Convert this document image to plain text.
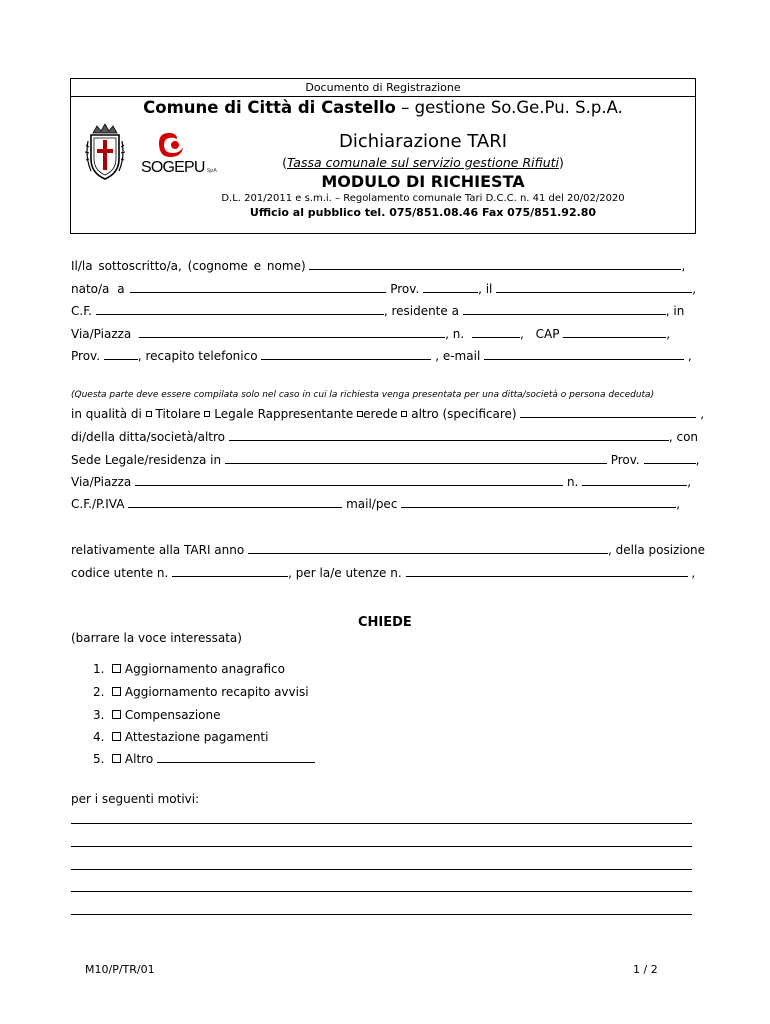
Documento di Registrazione
Comune di Città di Castello – gestione So.Ge.Pu. S.p.A.
SOGEPU SpA
Dichiarazione TARI
(Tassa comunale sul servizio gestione Rifiuti)
MODULO DI RICHIESTA
D.L. 201/2011 e s.m.i. – Regolamento comunale Tari D.C.C. n. 41 del 20/02/2020
Ufficio al pubblico tel. 075/851.08.46 Fax 075/851.92.80
Il/la sottoscritto/a, (cognome e nome)	,
nato/a a	Prov.	, il	,
C.F.	, residente a	, in
Via/Piazza	, n.	, CAP	,
Prov.	, recapito telefonico	, e-mail	,
(Questa parte deve essere compilata solo nel caso in cui la richiesta venga presentata per una ditta/società o persona deceduta)
in qualità di Titolare Legale Rappresentante erede altro (specificare)	,
di/della ditta/società/altro	, con
Sede Legale/residenza in	Prov.	,
Via/Piazza	n.	,
C.F./P.IVA	mail/pec	,
relativamente alla TARI anno	, della posizione
codice utente n.	, per la/e utenze n.	,
CHIEDE
(barrare la voce interessata)
1. Aggiornamento anagrafico
2. Aggiornamento recapito avvisi
3. Compensazione
4. Attestazione pagamenti
5. Altro
per i seguenti motivi:
M10/P/TR/01	1 / 2
